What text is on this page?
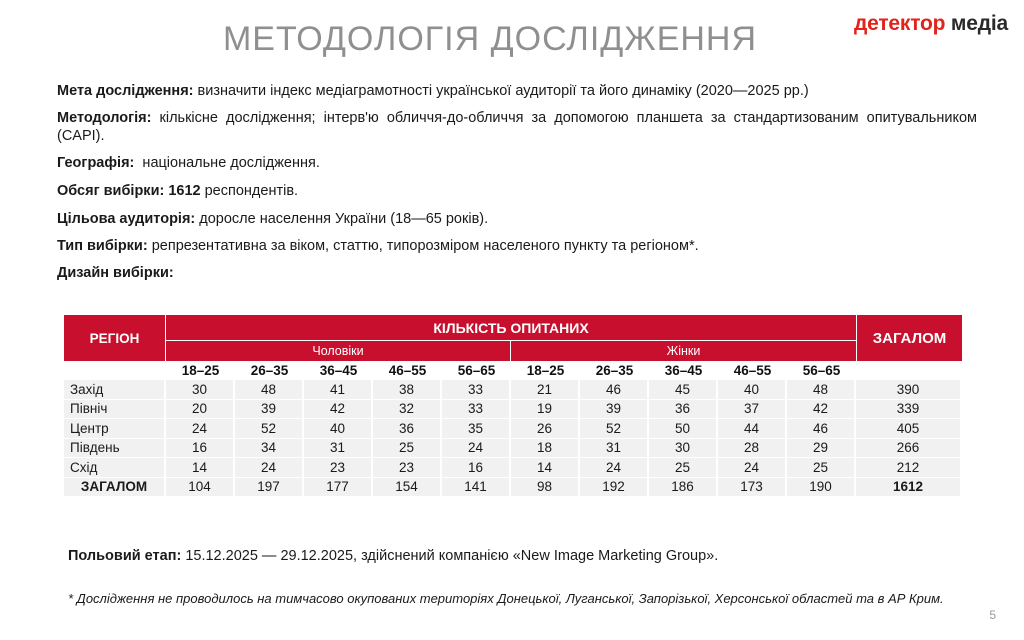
МЕТОДОЛОГІЯ ДОСЛІДЖЕННЯ	детектор медіа
Мета дослідження: визначити індекс медіаграмотності української аудиторії та його динаміку (2020—2025 рр.)
Методологія: кількісне дослідження; інтерв'ю обличчя-до-обличчя за допомогою планшета за стандартизованим опитувальником (CAPI).
Географія:  національне дослідження.
Обсяг вибірки: 1612 респондентів.
Цільова аудиторія: доросле населення України (18—65 років).
Тип вибірки: репрезентативна за віком, статтю, типорозміром населеного пункту та регіоном*.
Дизайн вибірки:
РЕГІОН	КІЛЬКІСТЬ ОПИТАНИХ										ЗАГАЛОМ
	Чоловіки					Жінки					
	18–25	26–35	36–45	46–55	56–65	18–25	26–35	36–45	46–55	56–65	
Захід	30	48	41	38	33	21	46	45	40	48	390
Північ	20	39	42	32	33	19	39	36	37	42	339
Центр	24	52	40	36	35	26	52	50	44	46	405
Південь	16	34	31	25	24	18	31	30	28	29	266
Схід	14	24	23	23	16	14	24	25	24	25	212
ЗАГАЛОМ	104	197	177	154	141	98	192	186	173	190	1612
Польовий етап: 15.12.2025 — 29.12.2025, здійснений компанією «New Image Marketing Group».
* Дослідження не проводилось на тимчасово окупованих територіях Донецької, Луганської, Запорізької, Херсонської областей та в АР Крим.
5
